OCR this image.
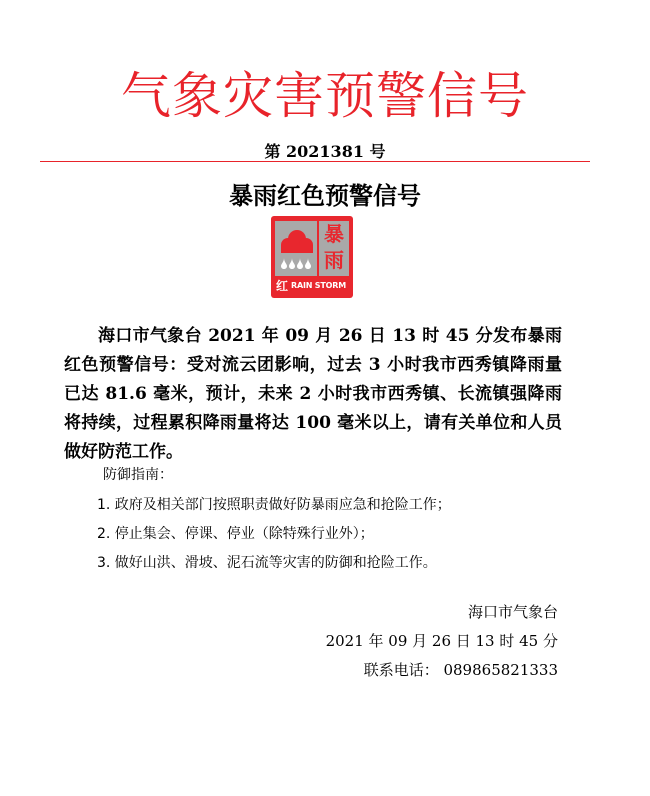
气象灾害预警信号
第 2021381 号
暴雨红色预警信号
暴
雨
红 RAIN STORM

海口市气象台 2021 年 09 月 26 日 13 时 45 分发布暴雨红色预警信号：受对流云团影响，过去 3 小时我市西秀镇降雨量已达 81.6 毫米，预计，未来 2 小时我市西秀镇、长流镇强降雨将持续，过程累积降雨量将达 100 毫米以上，请有关单位和人员做好防范工作。

防御指南：
1. 政府及相关部门按照职责做好防暴雨应急和抢险工作；
2. 停止集会、停课、停业（除特殊行业外）；
3. 做好山洪、滑坡、泥石流等灾害的防御和抢险工作。
海口市气象台
2021 年 09 月 26 日 13 时 45 分
联系电话： 089865821333
